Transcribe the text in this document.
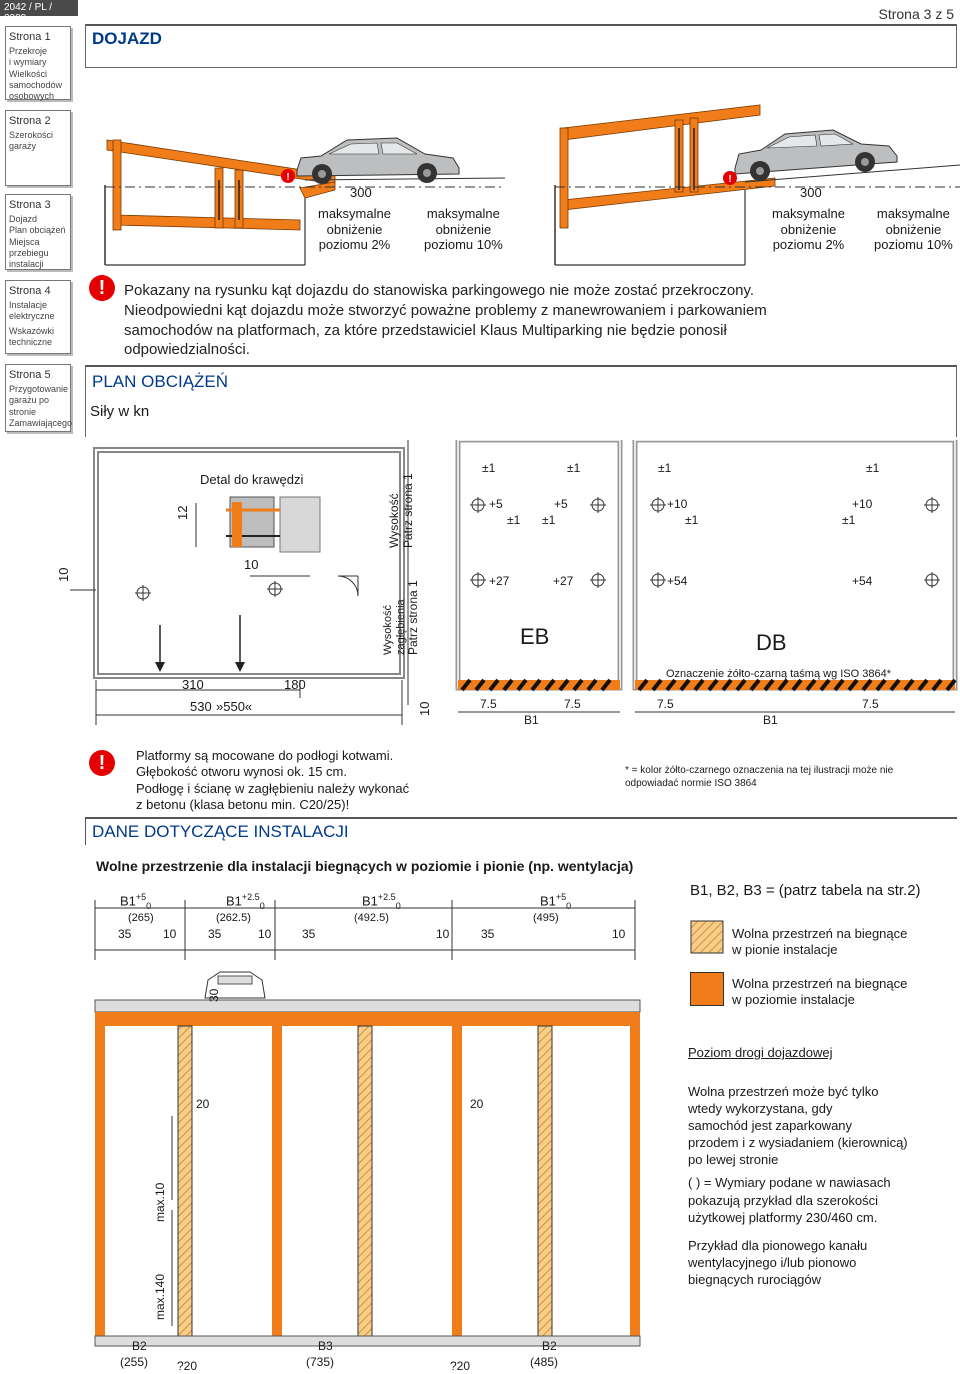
2042 / PL / 2009	Strona 3 z 5
Strona 1
Przekroje
i wymiary
Wielkości
samochodów
osobowych
Strona 2
Szerokości
garaży
Strona 3
Dojazd
Plan obciążeń
Miejsca
przebiegu
instalacji
Strona 4
Instalacje
elektryczne
Wskazówki
techniczne
Strona 5
Przygotowanie
garażu po
stronie
Zamawiającego
DOJAZD
!	!
300
maksymalne
obniżenie
poziomu 2%
maksymalne
obniżenie
poziomu 10%
300
maksymalne
obniżenie
poziomu 2%
maksymalne
obniżenie
poziomu 10%
!	Pokazany na rysunku kąt dojazdu do stanowiska parkingowego nie może zostać przekroczony.
Nieodpowiedni kąt dojazdu może stworzyć poważne problemy z manewrowaniem i parkowaniem
samochodów na platformach, za które przedstawiciel Klaus Multiparking nie będzie ponosił
odpowiedzialności.
PLAN OBCIĄŻEŃ
Siły w kn
Detal do krawędzi
12
10
10
10
Wysokość Patrz strona 1
Wysokość zagłębienia Patrz strona 1
310	180
530 »550«
±1	±1
+5	+5
±1 ±1
+27	+27
EB
7.5	7.5
B1
±1	±1
+10	+10
±1	±1
+54	+54
DB
Oznaczenie żółto-czarną taśmą wg ISO 3864*
7.5	7.5
B1
!	Platformy są mocowane do podłogi kotwami.
Głębokość otworu wynosi ok. 15 cm.
Podłogę i ścianę w zagłębieniu należy wykonać
z betonu (klasa betonu min. C20/25)!
* = kolor żółto-czarnego oznaczenia na tej ilustracji może nie
odpowiadać normie ISO 3864
DANE DOTYCZĄCE INSTALACJI
Wolne przestrzenie dla instalacji biegnących w poziomie i pionie (np. wentylacja)
$B1^{+5}_0$	$B1^{+2.5}_0$	$B1^{+2.5}_0$	$B1^{+5}_0$
(265)	(262.5)	(492.5)	(495)
35	10	35	10	35	10	35	10
30
20	20
max.10
max.140
B2
(255) ?20
B3
(735)	?20
B2
(485)
B1, B2, B3 = (patrz tabela na str.2)
Wolna przestrzeń na biegnące
w pionie instalacje
Wolna przestrzeń na biegnące
w poziomie instalacje
Poziom drogi dojazdowej
Wolna przestrzeń może być tylko
wtedy wykorzystana, gdy
samochód jest zaparkowany
przodem i z wysiadaniem (kierownicą)
po lewej stronie
( ) = Wymiary podane w nawiasach
pokazują przykład dla szerokości
użytkowej platformy 230/460 cm.
Przykład dla pionowego kanału
wentylacyjnego i/lub pionowo
biegnących rurociągów
